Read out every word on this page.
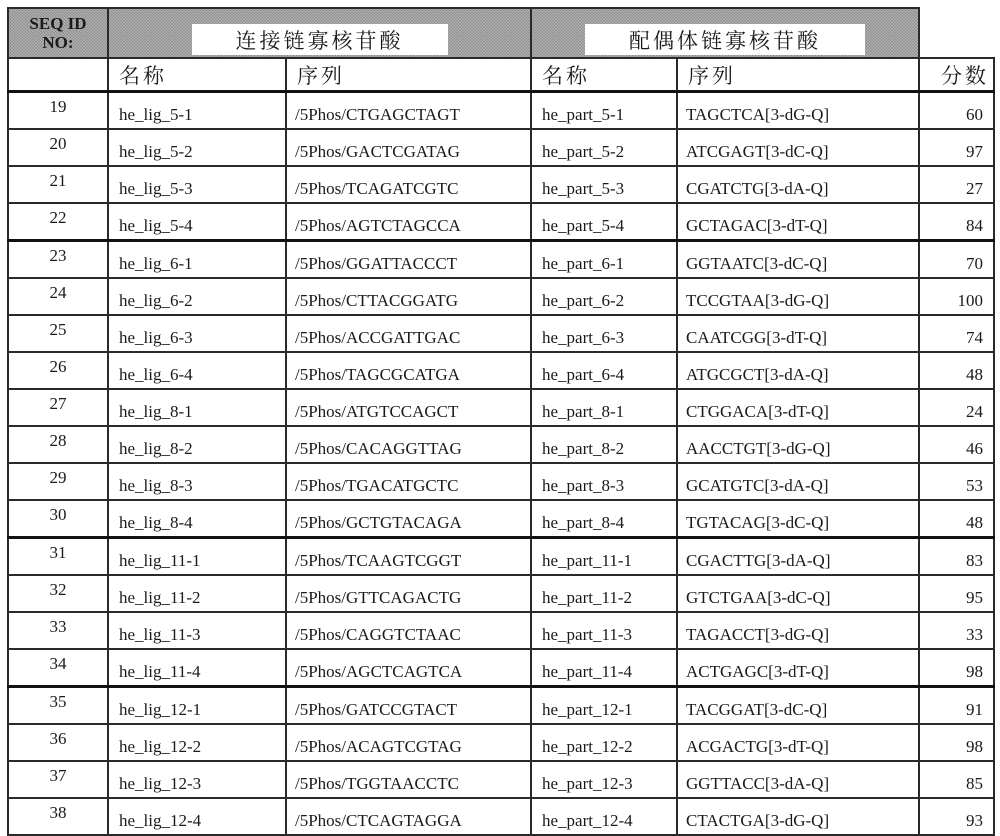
SEQ ID
NO:	连接链寡核苷酸		配偶体链寡核苷酸		

	名称	序列	名称	序列	分数
19	he_lig_5-1	/5Phos/CTGAGCTAGT	he_part_5-1	TAGCTCA[3-dG-Q]	60
20	he_lig_5-2	/5Phos/GACTCGATAG	he_part_5-2	ATCGAGT[3-dC-Q]	97
21	he_lig_5-3	/5Phos/TCAGATCGTC	he_part_5-3	CGATCTG[3-dA-Q]	27
22	he_lig_5-4	/5Phos/AGTCTAGCCA	he_part_5-4	GCTAGAC[3-dT-Q]	84
23	he_lig_6-1	/5Phos/GGATTACCCT	he_part_6-1	GGTAATC[3-dC-Q]	70
24	he_lig_6-2	/5Phos/CTTACGGATG	he_part_6-2	TCCGTAA[3-dG-Q]	100
25	he_lig_6-3	/5Phos/ACCGATTGAC	he_part_6-3	CAATCGG[3-dT-Q]	74
26	he_lig_6-4	/5Phos/TAGCGCATGA	he_part_6-4	ATGCGCT[3-dA-Q]	48
27	he_lig_8-1	/5Phos/ATGTCCAGCT	he_part_8-1	CTGGACA[3-dT-Q]	24
28	he_lig_8-2	/5Phos/CACAGGTTAG	he_part_8-2	AACCTGT[3-dG-Q]	46
29	he_lig_8-3	/5Phos/TGACATGCTC	he_part_8-3	GCATGTC[3-dA-Q]	53
30	he_lig_8-4	/5Phos/GCTGTACAGA	he_part_8-4	TGTACAG[3-dC-Q]	48
31	he_lig_11-1	/5Phos/TCAAGTCGGT	he_part_11-1	CGACTTG[3-dA-Q]	83
32	he_lig_11-2	/5Phos/GTTCAGACTG	he_part_11-2	GTCTGAA[3-dC-Q]	95
33	he_lig_11-3	/5Phos/CAGGTCTAAC	he_part_11-3	TAGACCT[3-dG-Q]	33
34	he_lig_11-4	/5Phos/AGCTCAGTCA	he_part_11-4	ACTGAGC[3-dT-Q]	98
35	he_lig_12-1	/5Phos/GATCCGTACT	he_part_12-1	TACGGAT[3-dC-Q]	91
36	he_lig_12-2	/5Phos/ACAGTCGTAG	he_part_12-2	ACGACTG[3-dT-Q]	98
37	he_lig_12-3	/5Phos/TGGTAACCTC	he_part_12-3	GGTTACC[3-dA-Q]	85
38	he_lig_12-4	/5Phos/CTCAGTAGGA	he_part_12-4	CTACTGA[3-dG-Q]	93
